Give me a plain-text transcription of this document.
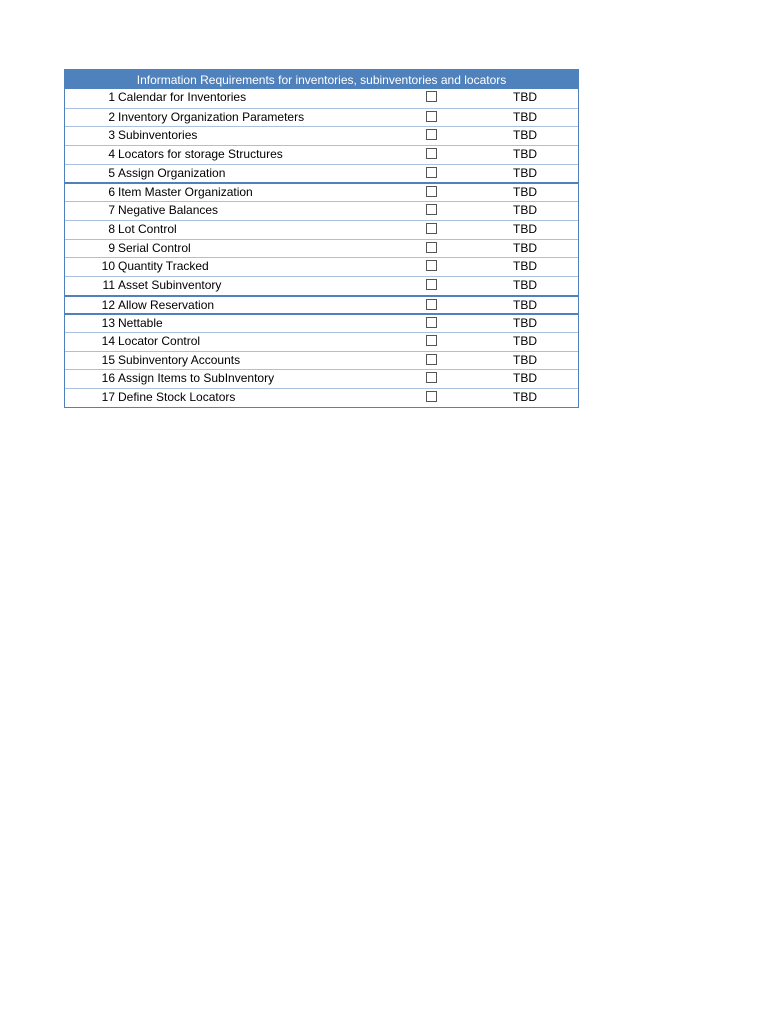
Information Requirements for inventories, subinventories and locators
1 Calendar for Inventories	TBD
2 Inventory Organization Parameters	TBD
3 Subinventories	TBD
4 Locators for storage Structures	TBD
5 Assign Organization	TBD
6 Item Master Organization	TBD
7 Negative Balances	TBD
8 Lot Control	TBD
9 Serial Control	TBD
10 Quantity Tracked	TBD
11 Asset Subinventory	TBD
12 Allow Reservation	TBD
13 Nettable	TBD
14 Locator Control	TBD
15 Subinventory Accounts	TBD
16 Assign Items to SubInventory	TBD
17 Define Stock Locators	TBD
